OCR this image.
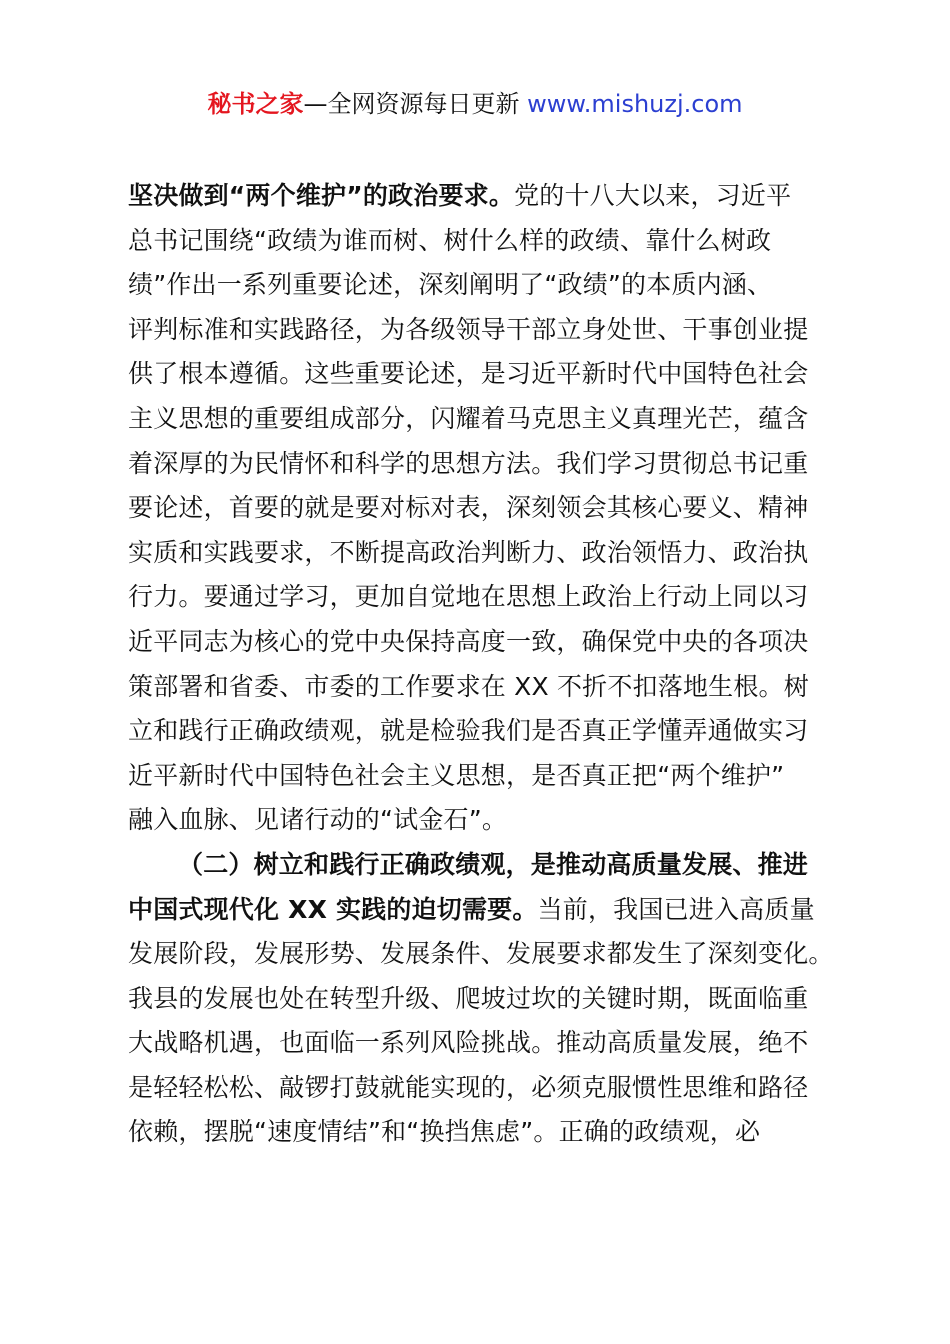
秘书之家—全网资源每日更新 www.mishuzj.com
坚决做到“两个维护”的政治要求。党的十八大以来，习近平
总书记围绕“政绩为谁而树、树什么样的政绩、靠什么树政
绩”作出一系列重要论述，深刻阐明了“政绩”的本质内涵、
评判标准和实践路径，为各级领导干部立身处世、干事创业提
供了根本遵循。这些重要论述，是习近平新时代中国特色社会
主义思想的重要组成部分，闪耀着马克思主义真理光芒，蕴含
着深厚的为民情怀和科学的思想方法。我们学习贯彻总书记重
要论述，首要的就是要对标对表，深刻领会其核心要义、精神
实质和实践要求，不断提高政治判断力、政治领悟力、政治执
行力。要通过学习，更加自觉地在思想上政治上行动上同以习
近平同志为核心的党中央保持高度一致，确保党中央的各项决
策部署和省委、市委的工作要求在 XX 不折不扣落地生根。树
立和践行正确政绩观，就是检验我们是否真正学懂弄通做实习
近平新时代中国特色社会主义思想，是否真正把“两个维护”
融入血脉、见诸行动的“试金石”。
（二）树立和践行正确政绩观，是推动高质量发展、推进
中国式现代化 XX 实践的迫切需要。当前，我国已进入高质量
发展阶段，发展形势、发展条件、发展要求都发生了深刻变化。
我县的发展也处在转型升级、爬坡过坎的关键时期，既面临重
大战略机遇，也面临一系列风险挑战。推动高质量发展，绝不
是轻轻松松、敲锣打鼓就能实现的，必须克服惯性思维和路径
依赖，摆脱“速度情结”和“换挡焦虑”。正确的政绩观，必
